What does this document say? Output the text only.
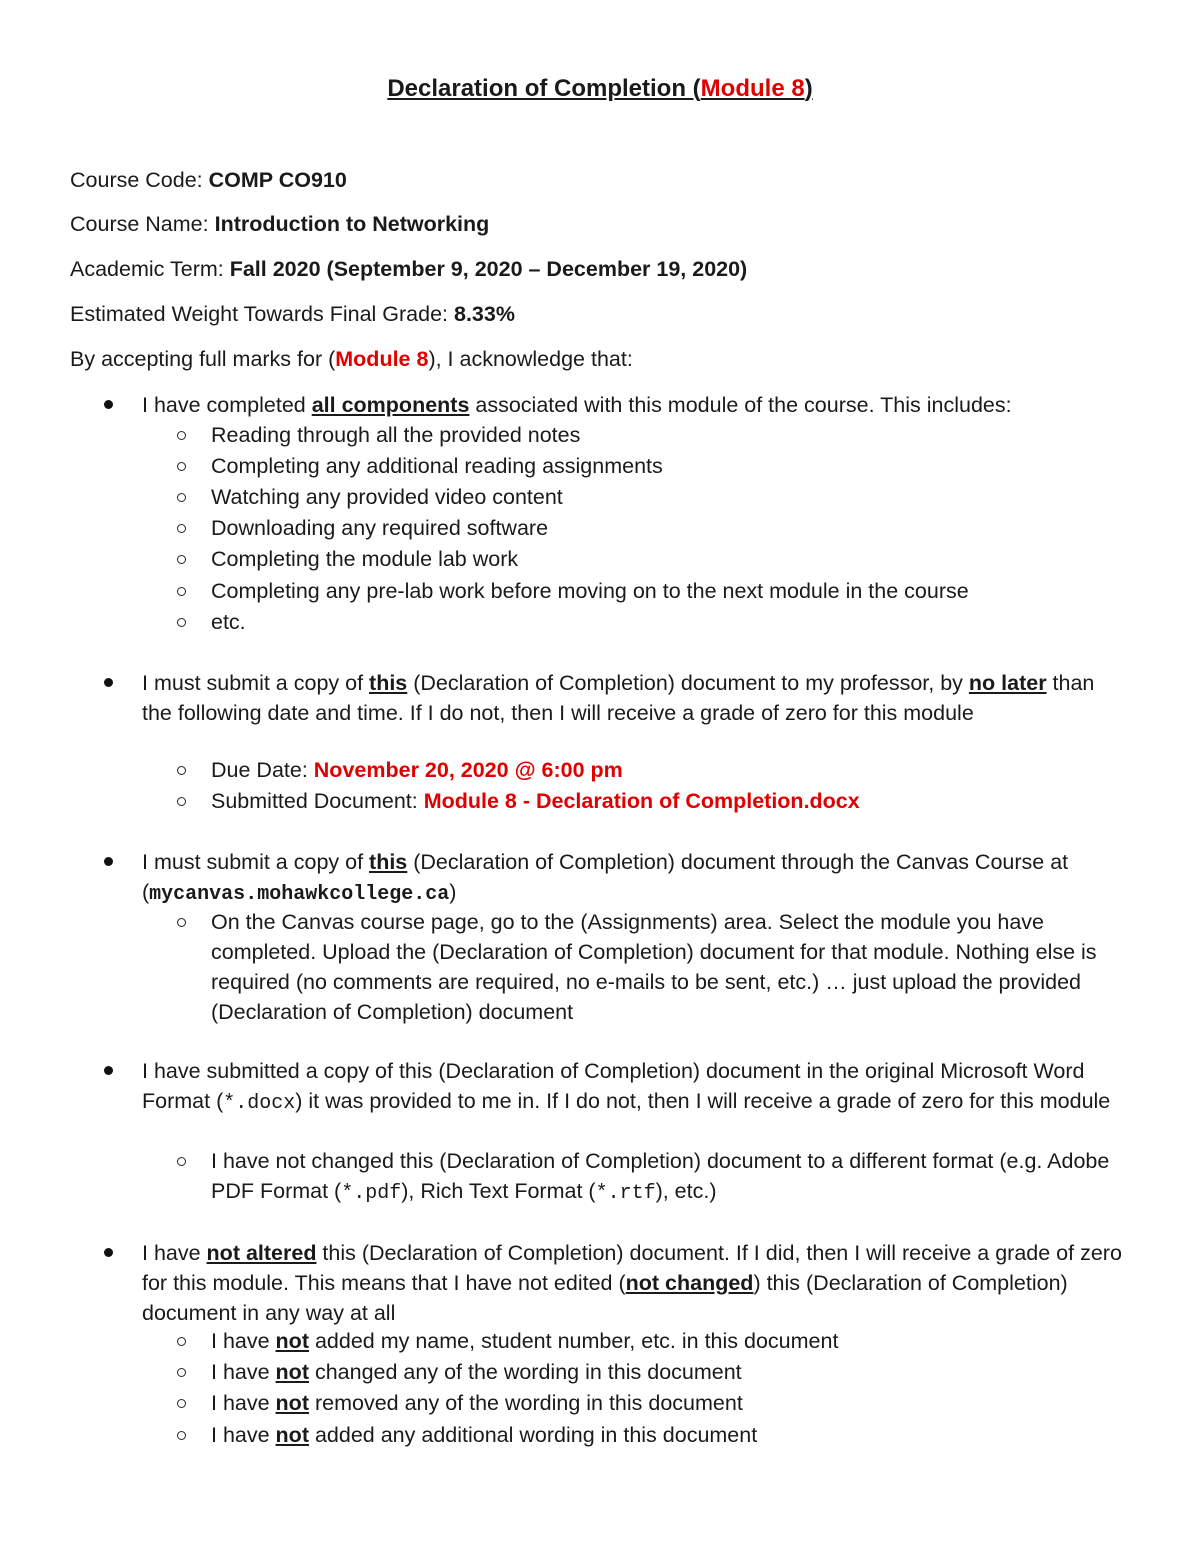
Declaration of Completion (Module 8)
Course Code: COMP CO910
Course Name: Introduction to Networking
Academic Term: Fall 2020 (September 9, 2020 – December 19, 2020)
Estimated Weight Towards Final Grade: 8.33%
By accepting full marks for (Module 8), I acknowledge that:
I have completed all components associated with this module of the course. This includes:
Reading through all the provided notes
Completing any additional reading assignments
Watching any provided video content
Downloading any required software
Completing the module lab work
Completing any pre-lab work before moving on to the next module in the course
etc.
I must submit a copy of this (Declaration of Completion) document to my professor, by no later than the following date and time. If I do not, then I will receive a grade of zero for this module
Due Date: November 20, 2020 @ 6:00 pm
Submitted Document: Module 8 - Declaration of Completion.docx
I must submit a copy of this (Declaration of Completion) document through the Canvas Course at (mycanvas.mohawkcollege.ca)
On the Canvas course page, go to the (Assignments) area. Select the module you have completed. Upload the (Declaration of Completion) document for that module. Nothing else is required (no comments are required, no e-mails to be sent, etc.) … just upload the provided (Declaration of Completion) document
I have submitted a copy of this (Declaration of Completion) document in the original Microsoft Word Format (*.docx) it was provided to me in. If I do not, then I will receive a grade of zero for this module
I have not changed this (Declaration of Completion) document to a different format (e.g. Adobe PDF Format (*.pdf), Rich Text Format (*.rtf), etc.)
I have not altered this (Declaration of Completion) document. If I did, then I will receive a grade of zero for this module. This means that I have not edited (not changed) this (Declaration of Completion) document in any way at all
I have not added my name, student number, etc. in this document
I have not changed any of the wording in this document
I have not removed any of the wording in this document
I have not added any additional wording in this document
